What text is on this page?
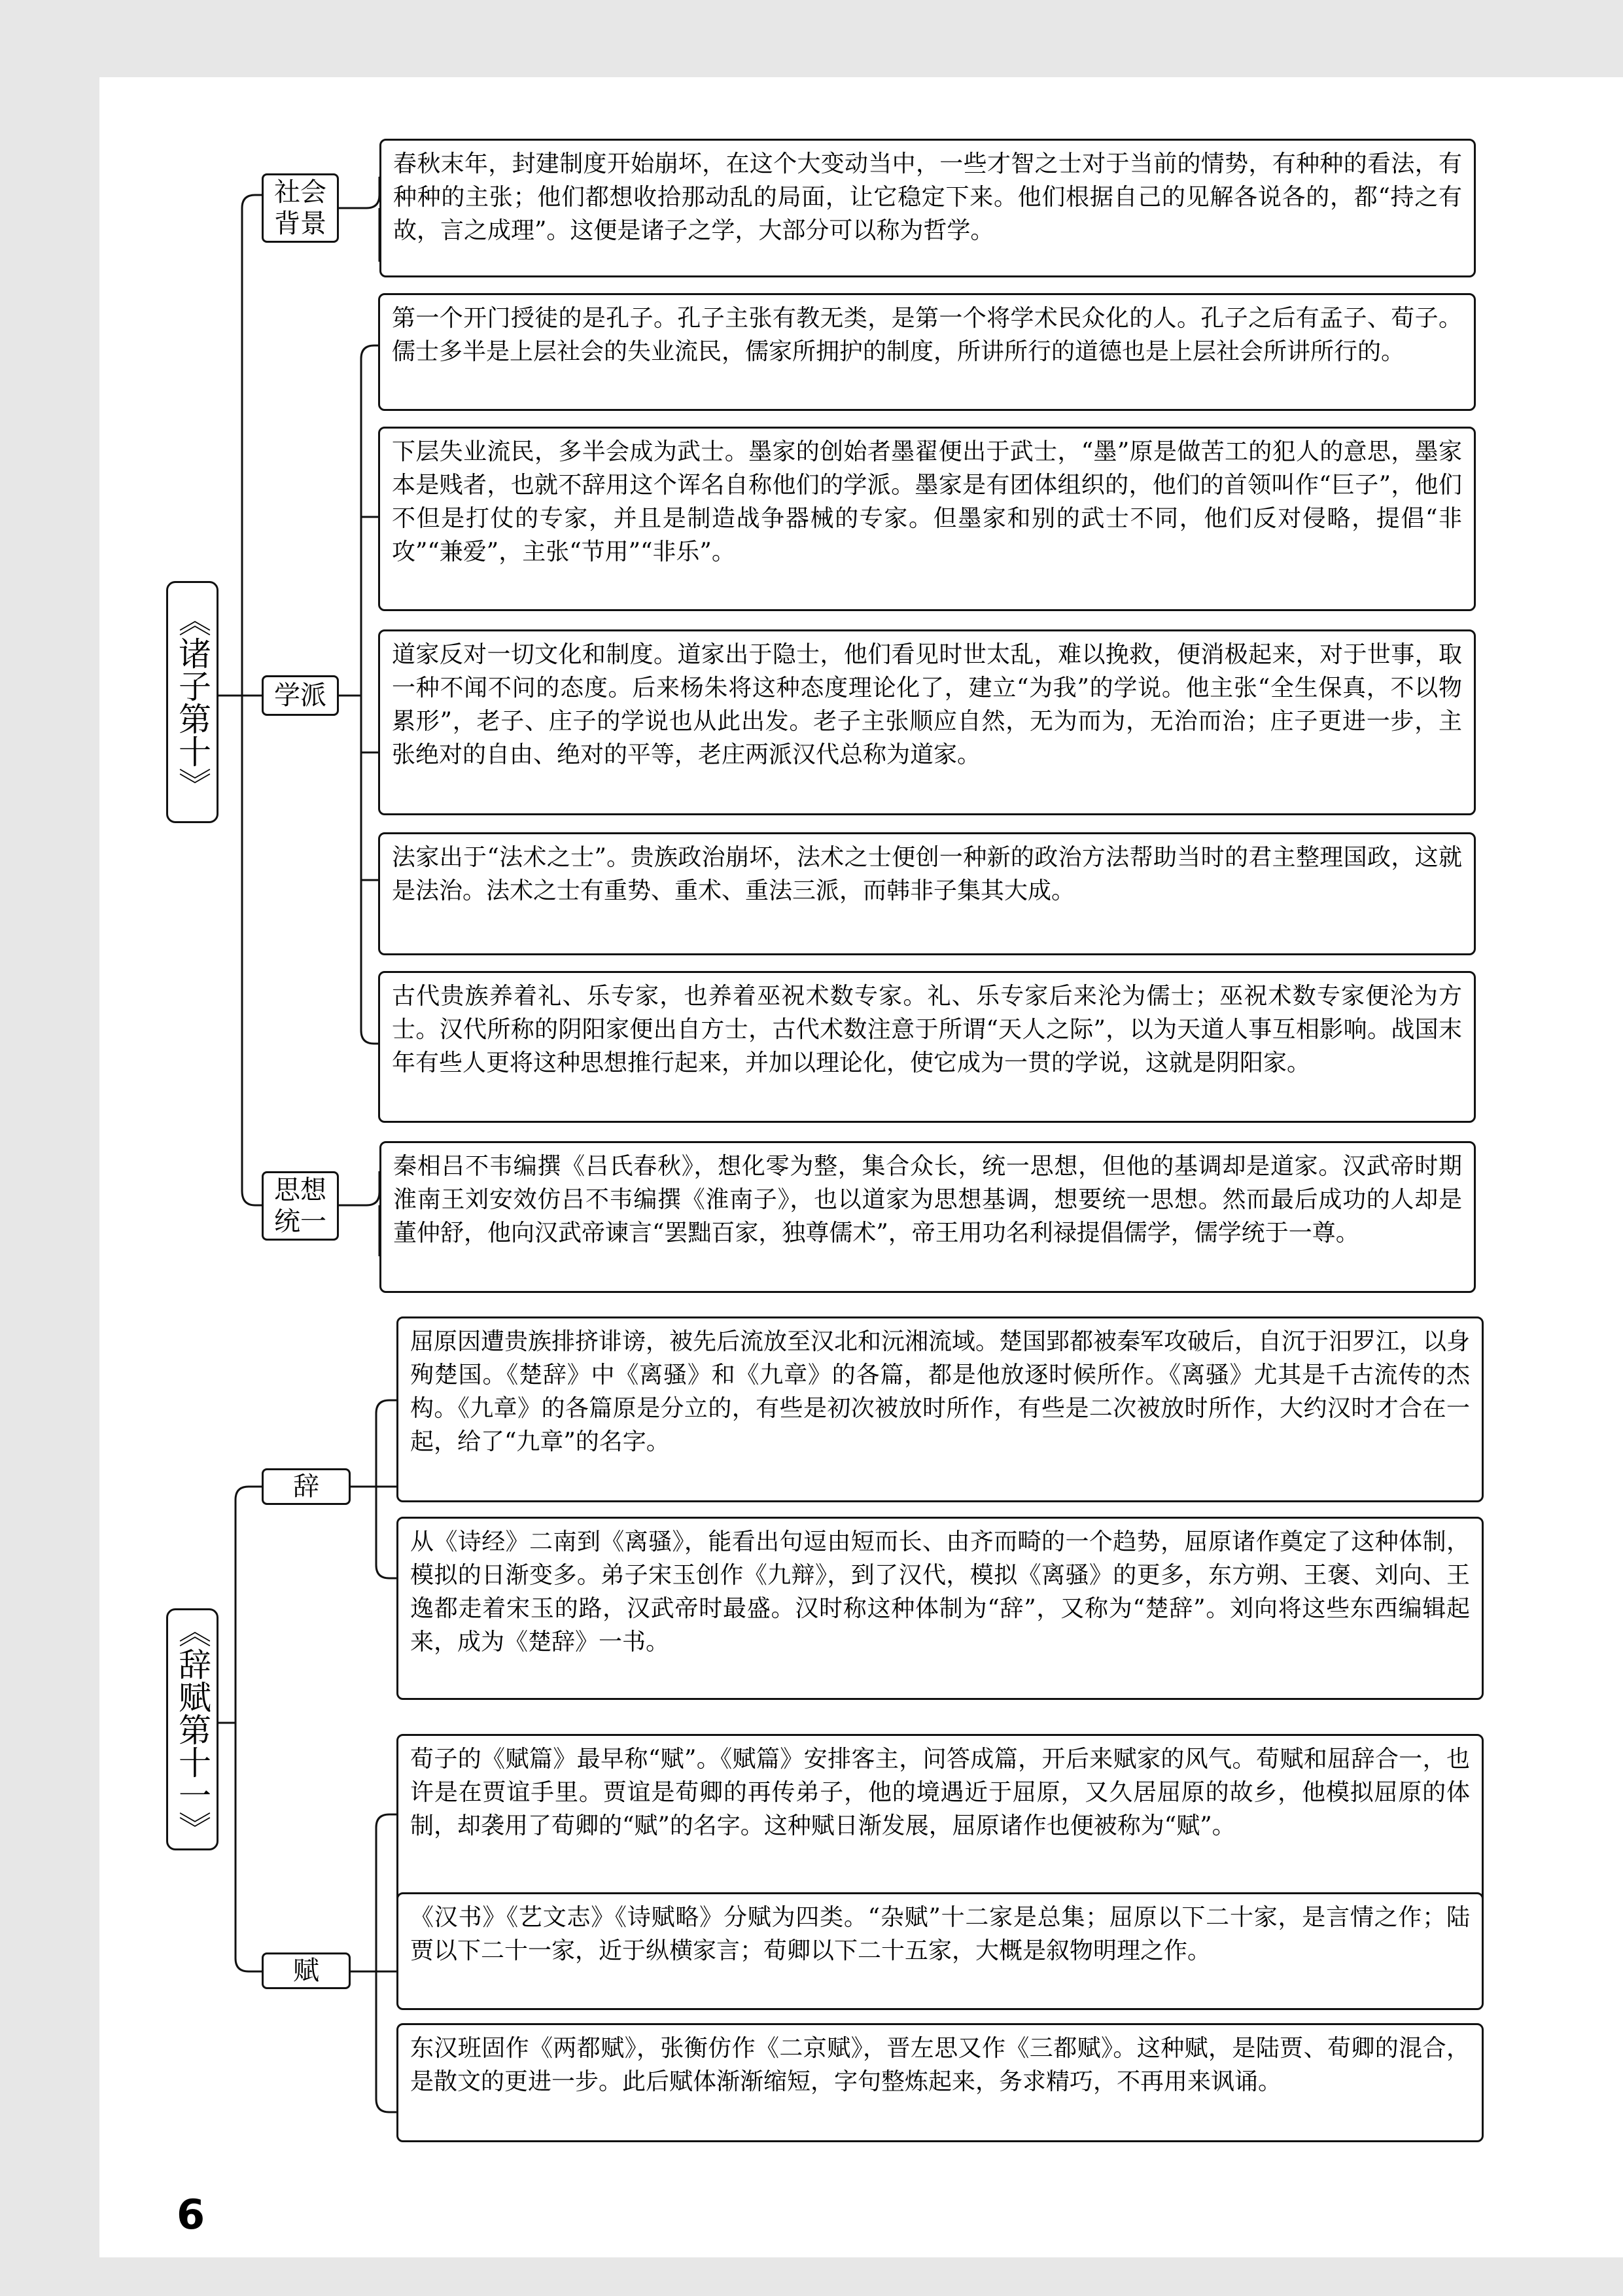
《诸子第十》
社会背景
春秋末年，封建制度开始崩坏，在这个大变动当中，一些才智之士对于当前的情势，有种种的看法，有种种的主张；他们都想收拾那动乱的局面，让它稳定下来。他们根据自己的见解各说各的，都“持之有故，言之成理”。这便是诸子之学，大部分可以称为哲学。
学派
第一个开门授徒的是孔子。孔子主张有教无类，是第一个将学术民众化的人。孔子之后有孟子、荀子。儒士多半是上层社会的失业流民，儒家所拥护的制度，所讲所行的道德也是上层社会所讲所行的。
下层失业流民，多半会成为武士。墨家的创始者墨翟便出于武士，“墨”原是做苦工的犯人的意思，墨家本是贱者，也就不辞用这个诨名自称他们的学派。墨家是有团体组织的，他们的首领叫作“巨子”，他们不但是打仗的专家，并且是制造战争器械的专家。但墨家和别的武士不同，他们反对侵略，提倡“非攻”“兼爱”，主张“节用”“非乐”。
道家反对一切文化和制度。道家出于隐士，他们看见时世太乱，难以挽救，便消极起来，对于世事，取一种不闻不问的态度。后来杨朱将这种态度理论化了，建立“为我”的学说。他主张“全生保真，不以物累形”，老子、庄子的学说也从此出发。老子主张顺应自然，无为而为，无治而治；庄子更进一步，主张绝对的自由、绝对的平等，老庄两派汉代总称为道家。
法家出于“法术之士”。贵族政治崩坏，法术之士便创一种新的政治方法帮助当时的君主整理国政，这就是法治。法术之士有重势、重术、重法三派，而韩非子集其大成。
古代贵族养着礼、乐专家，也养着巫祝术数专家。礼、乐专家后来沦为儒士；巫祝术数专家便沦为方士。汉代所称的阴阳家便出自方士，古代术数注意于所谓“天人之际”，以为天道人事互相影响。战国末年有些人更将这种思想推行起来，并加以理论化，使它成为一贯的学说，这就是阴阳家。
思想统一
秦相吕不韦编撰《吕氏春秋》，想化零为整，集合众长，统一思想，但他的基调却是道家。汉武帝时期淮南王刘安效仿吕不韦编撰《淮南子》，也以道家为思想基调，想要统一思想。然而最后成功的人却是董仲舒，他向汉武帝谏言“罢黜百家，独尊儒术”，帝王用功名利禄提倡儒学，儒学统于一尊。
《辞赋第十一》
辞
屈原因遭贵族排挤诽谤，被先后流放至汉北和沅湘流域。楚国郢都被秦军攻破后，自沉于汨罗江，以身殉楚国。《楚辞》中《离骚》和《九章》的各篇，都是他放逐时候所作。《离骚》尤其是千古流传的杰构。《九章》的各篇原是分立的，有些是初次被放时所作，有些是二次被放时所作，大约汉时才合在一起，给了“九章”的名字。
从《诗经》二南到《离骚》，能看出句逗由短而长、由齐而畸的一个趋势，屈原诸作奠定了这种体制，模拟的日渐变多。弟子宋玉创作《九辩》，到了汉代，模拟《离骚》的更多，东方朔、王褒、刘向、王逸都走着宋玉的路，汉武帝时最盛。汉时称这种体制为“辞”，又称为“楚辞”。刘向将这些东西编辑起来，成为《楚辞》一书。
赋
荀子的《赋篇》最早称“赋”。《赋篇》安排客主，问答成篇，开后来赋家的风气。荀赋和屈辞合一，也许是在贾谊手里。贾谊是荀卿的再传弟子，他的境遇近于屈原，又久居屈原的故乡，他模拟屈原的体制，却袭用了荀卿的“赋”的名字。这种赋日渐发展，屈原诸作也便被称为“赋”。
《汉书》《艺文志》《诗赋略》分赋为四类。“杂赋”十二家是总集；屈原以下二十家，是言情之作；陆贾以下二十一家，近于纵横家言；荀卿以下二十五家，大概是叙物明理之作。
东汉班固作《两都赋》，张衡仿作《二京赋》，晋左思又作《三都赋》。这种赋，是陆贾、荀卿的混合，是散文的更进一步。此后赋体渐渐缩短，字句整炼起来，务求精巧，不再用来讽诵。
6
